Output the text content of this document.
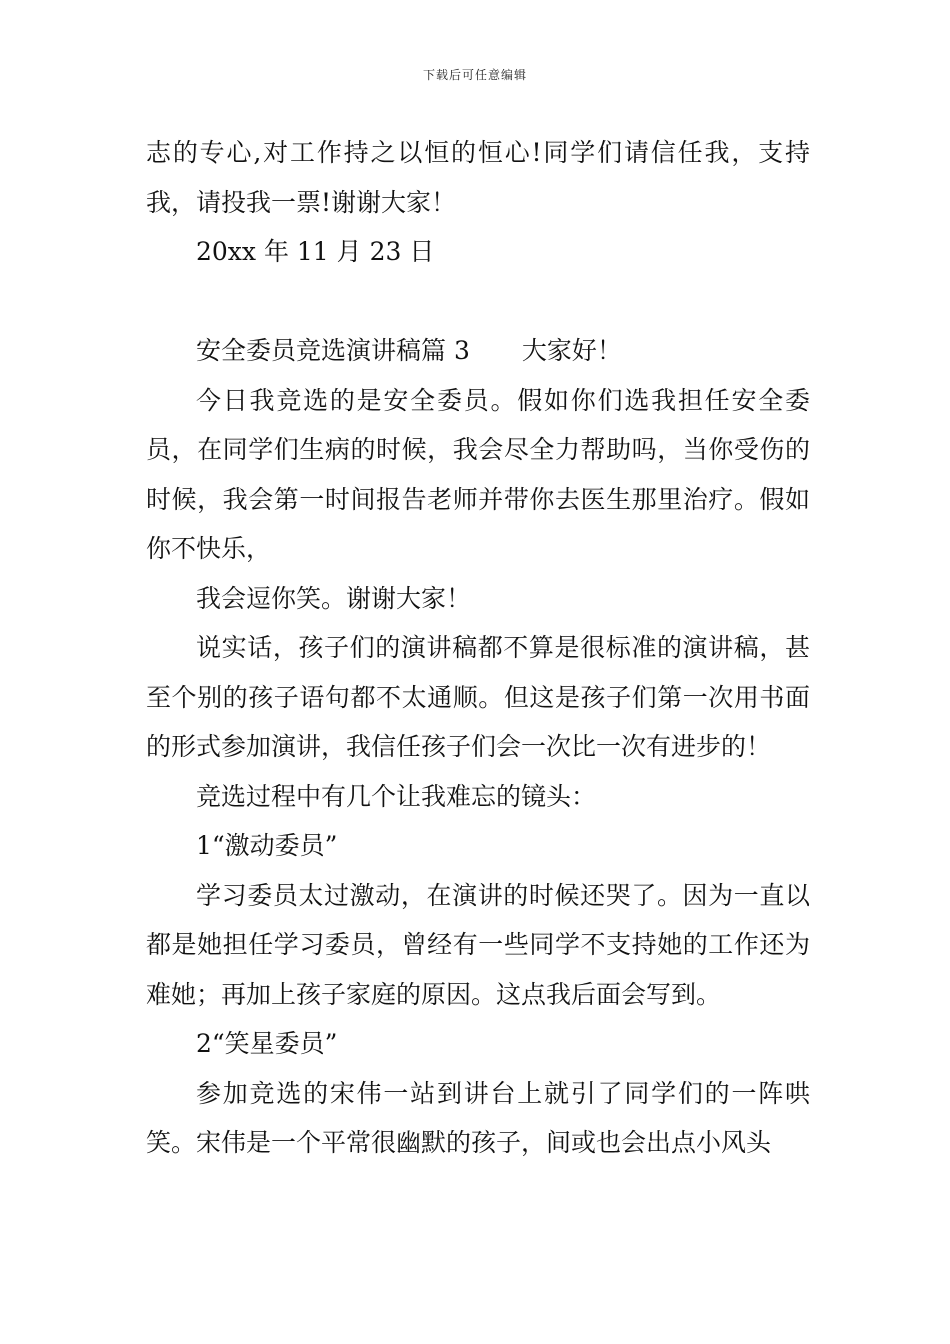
下载后可任意编辑

志的专心,对工作持之以恒的恒心!同学们请信任我，支持我，请投我一票!谢谢大家！

20xx 年 11 月 23 日

安全委员竞选演讲稿篇 3 大家好！

今日我竞选的是安全委员。假如你们选我担任安全委员，在同学们生病的时候，我会尽全力帮助吗，当你受伤的时候，我会第一时间报告老师并带你去医生那里治疗。假如你不快乐，

我会逗你笑。谢谢大家！

说实话，孩子们的演讲稿都不算是很标准的演讲稿，甚至个别的孩子语句都不太通顺。但这是孩子们第一次用书面的形式参加演讲，我信任孩子们会一次比一次有进步的！

竞选过程中有几个让我难忘的镜头：

1“激动委员”

学习委员太过激动，在演讲的时候还哭了。因为一直以都是她担任学习委员，曾经有一些同学不支持她的工作还为难她；再加上孩子家庭的原因。这点我后面会写到。

2“笑星委员”

参加竞选的宋伟一站到讲台上就引了同学们的一阵哄笑。宋伟是一个平常很幽默的孩子，间或也会出点小风头
